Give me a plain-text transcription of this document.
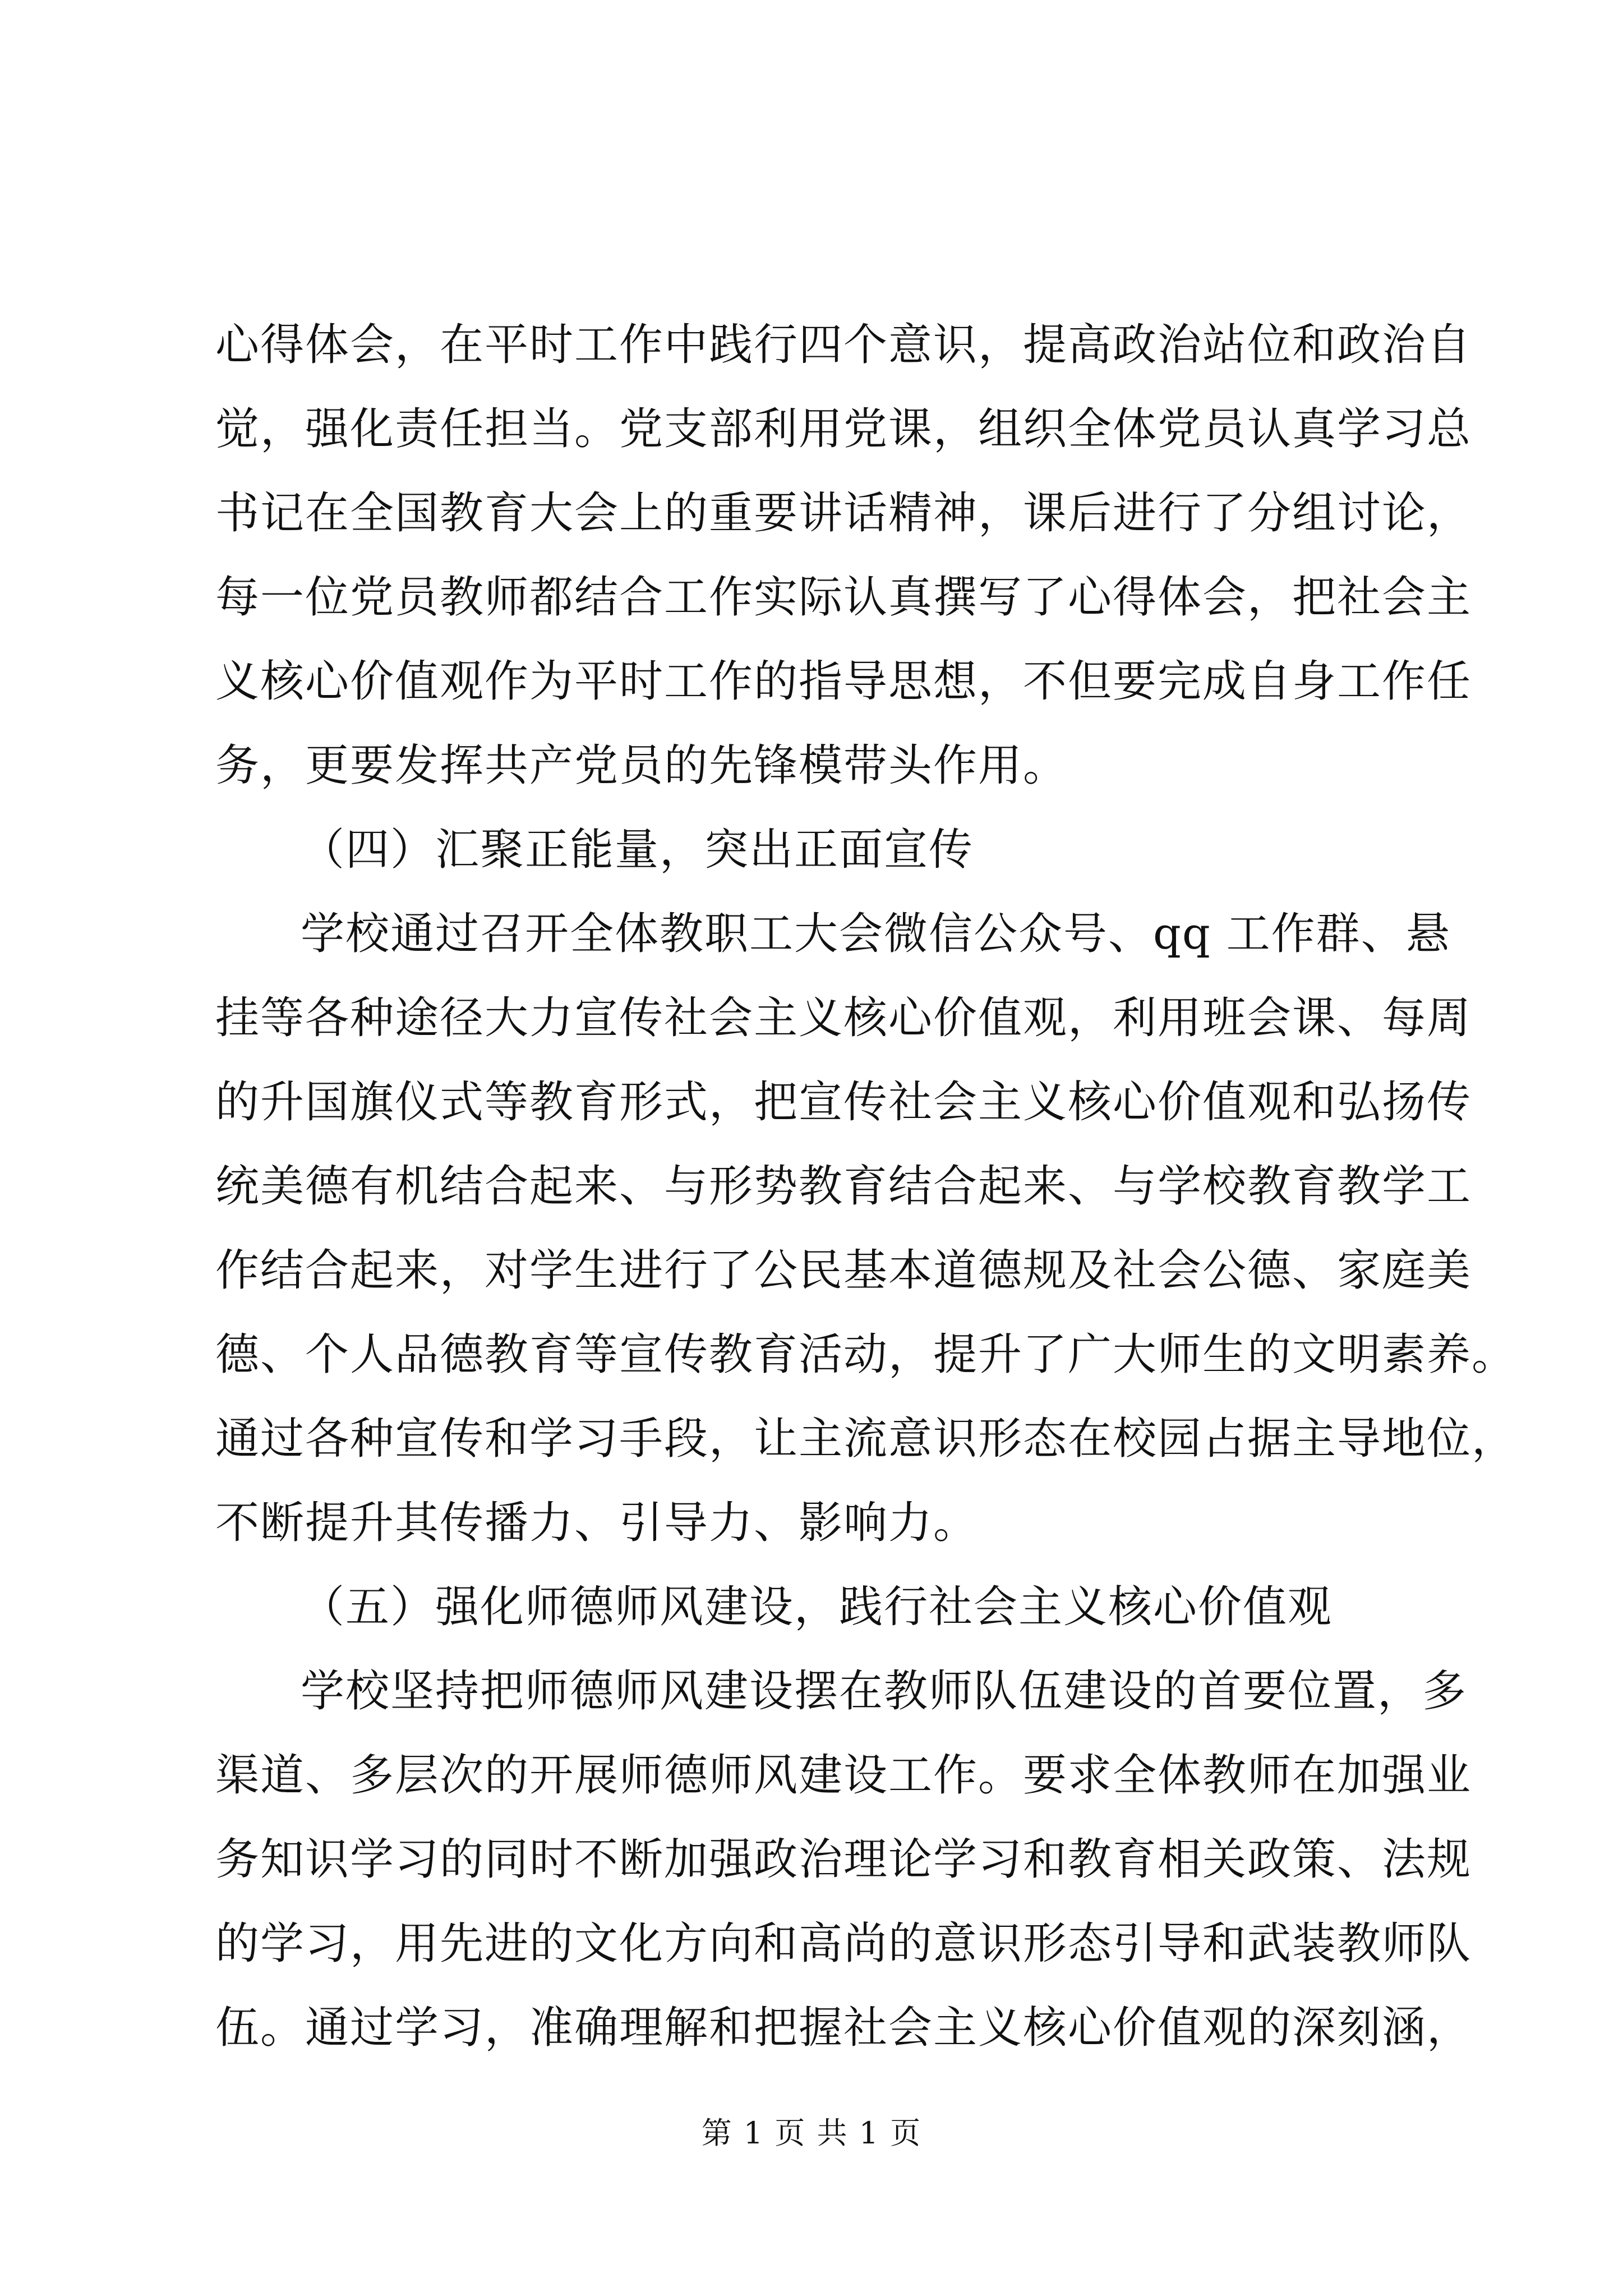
心得体会，在平时工作中践行四个意识，提高政治站位和政治自
觉，强化责任担当。党支部利用党课，组织全体党员认真学习总
书记在全国教育大会上的重要讲话精神，课后进行了分组讨论，
每一位党员教师都结合工作实际认真撰写了心得体会，把社会主
义核心价值观作为平时工作的指导思想，不但要完成自身工作任
务，更要发挥共产党员的先锋模带头作用。
（四）汇聚正能量，突出正面宣传
学校通过召开全体教职工大会微信公众号、qq 工作群、悬
挂等各种途径大力宣传社会主义核心价值观，利用班会课、每周
的升国旗仪式等教育形式，把宣传社会主义核心价值观和弘扬传
统美德有机结合起来、与形势教育结合起来、与学校教育教学工
作结合起来，对学生进行了公民基本道德规及社会公德、家庭美
德、个人品德教育等宣传教育活动，提升了广大师生的文明素养。
通过各种宣传和学习手段，让主流意识形态在校园占据主导地位，
不断提升其传播力、引导力、影响力。
（五）强化师德师风建设，践行社会主义核心价值观
学校坚持把师德师风建设摆在教师队伍建设的首要位置，多
渠道、多层次的开展师德师风建设工作。要求全体教师在加强业
务知识学习的同时不断加强政治理论学习和教育相关政策、法规
的学习，用先进的文化方向和高尚的意识形态引导和武装教师队
伍。通过学习，准确理解和把握社会主义核心价值观的深刻涵，
第 1 页 共 1 页
